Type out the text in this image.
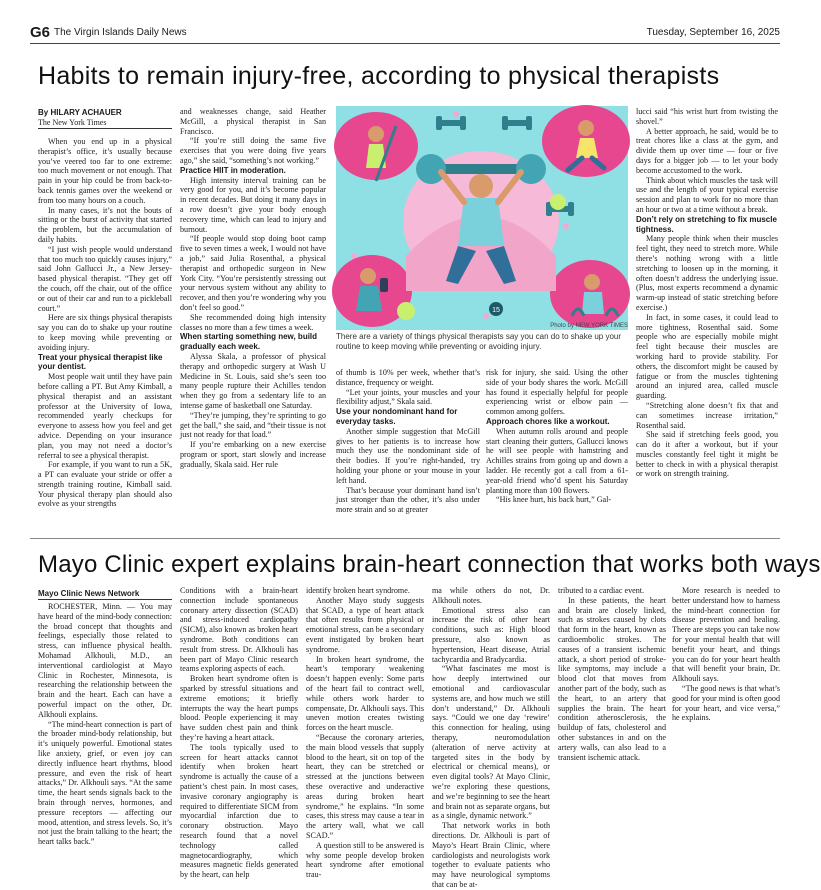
G6 The Virgin Islands Daily News	Tuesday, September 16, 2025
Habits to remain injury-free, according to physical therapists
By HILARY ACHAUER
The New York Times

When you end up in a physical therapist’s office, it’s usually because you’ve veered too far to one extreme: too much movement or not enough. That pain in your hip could be from back-to-back tennis games over the weekend or from too many hours on a couch.

In many cases, it’s not the bouts of sitting or the burst of activity that started the problem, but the accumulation of daily habits.

“I just wish people would understand that too much too quickly causes injury,” said John Gallucci Jr., a New Jersey-based physical therapist. “They get off the couch, off the chair, out of the office or out of their car and run to a pickleball court.”

Here are six things physical therapists say you can do to shake up your routine to keep moving while preventing or avoiding injury.

Treat your physical therapist like your dentist.

Most people wait until they have pain before calling a PT. But Amy Kimball, a physical therapist and an assistant professor at the University of Iowa, recommended yearly checkups for everyone to assess how you feel and get advice. Depending on your insurance plan, you may not need a doctor’s referral to see a physical therapist.

For example, if you want to run a 5K, a PT can evaluate your stride or offer a strength training routine, Kimball said. Your physical therapy plan should also evolve as your strengths

and weaknesses change, said Heather McGill, a physical therapist in San Francisco.

“If you’re still doing the same five exercises that you were doing five years ago,” she said, “something’s not working.”

Practice HIIT in moderation.

High intensity interval training can be very good for you, and it’s become popular in recent decades. But doing it many days in a row doesn’t give your body enough recovery time, which can lead to injury and burnout.

“If people would stop doing boot camp five to seven times a week, I would not have a job,” said Julia Rosenthal, a physical therapist and orthopedic surgeon in New York City. “You’re persistently stressing out your nervous system without any ability to recover, and then you’re wondering why you don’t feel so good.”

She recommended doing high intensity classes no more than a few times a week.

When starting something new, build gradually each week.

Alyssa Skala, a professor of physical therapy and orthopedic surgery at Wash U Medicine in St. Louis, said she’s seen too many people rupture their Achilles tendon when they go from a sedentary life to an intense game of basketball one Saturday.

“They’re jumping, they’re sprinting to go get the ball,” she said, and “their tissue is not just not ready for that load.”

If you’re embarking on a new exercise program or sport, start slowly and increase gradually, Skala said. Her rule

15
Photo by NEW YORK TIMES
There are a variety of things physical therapists say you can do to shake up your routine to keep moving while preventing or avoiding injury.

of thumb is 10% per week, whether that’s distance, frequency or weight.

“Let your joints, your muscles and your flexibility adjust,” Skala said.

Use your nondominant hand for everyday tasks.

Another simple suggestion that McGill gives to her patients is to increase how much they use the nondominant side of their bodies. If you’re right-handed, try holding your phone or your mouse in your left hand.

That’s because your dominant hand isn’t just stronger than the other, it’s also under more strain and so at greater

risk for injury, she said. Using the other side of your body shares the work. McGill has found it especially helpful for people experiencing wrist or elbow pain — common among golfers.

Approach chores like a workout.

When autumn rolls around and people start cleaning their gutters, Gallucci knows he will see people with hamstring and Achilles strains from going up and down a ladder. He recently got a call from a 61-year-old friend who’d spent his Saturday planting more than 100 flowers.

“His knee hurt, his back hurt,” Gal-

lucci said “his wrist hurt from twisting the shovel.”

A better approach, he said, would be to treat chores like a class at the gym, and divide them up over time — four or five days for a bigger job — to let your body become accustomed to the work.

Think about which muscles the task will use and the length of your typical exercise session and plan to work for no more than an hour or two at a time without a break.

Don’t rely on stretching to fix muscle tightness.

Many people think when their muscles feel tight, they need to stretch more. While there’s nothing wrong with a little stretching to loosen up in the morning, it often doesn’t address the underlying issue. (Plus, most experts recommend a dynamic warm-up instead of static stretching before exercise.)

In fact, in some cases, it could lead to more tightness, Rosenthal said. Some people who are especially mobile might feel tight because their muscles are working hard to provide stability. For others, the discomfort might be caused by fatigue or from the muscles tightening around an injured area, called muscle guarding.

“Stretching alone doesn’t fix that and can sometimes increase irritation,” Rosenthal said.

She said if stretching feels good, you can do it after a workout, but if your muscles constantly feel tight it might be better to check in with a physical therapist or work on strength training.

Mayo Clinic expert explains brain-heart connection that works both ways
Mayo Clinic News Network

ROCHESTER, Minn. — You may have heard of the mind-body connection: the broad concept that thoughts and feelings, especially those related to stress, can influence physical health. Mohamad Alkhouli, M.D., an interventional cardiologist at Mayo Clinic in Rochester, Minnesota, is researching the relationship between the brain and the heart. Each can have a powerful impact on the other, Dr. Alkhouli explains.

“The mind-heart connection is part of the broader mind-body relationship, but it’s uniquely powerful. Emotional states like anxiety, grief, or even joy can directly influence heart rhythms, blood pressure, and even the risk of heart attacks,” Dr. Alkhouli says. “At the same time, the heart sends signals back to the brain through nerves, hormones, and pressure receptors — affecting our mood, attention, and stress levels. So, it’s not just the brain talking to the heart; the heart talks back.”

Conditions with a brain-heart connection include spontaneous coronary artery dissection (SCAD) and stress-induced cardiopathy (SICM), also known as broken heart syndrome. Both conditions can result from stress. Dr. Alkhouli has been part of Mayo Clinic research teams exploring aspects of each.

Broken heart syndrome often is sparked by stressful situations and extreme emotions; it briefly interrupts the way the heart pumps blood. People experiencing it may have sudden chest pain and think they’re having a heart attack.

The tools typically used to screen for heart attacks cannot identify when broken heart syndrome is actually the cause of a patient’s chest pain. In most cases, invasive coronary angiography is required to differentiate SICM from myocardial infarction due to coronary obstruction. Mayo research found that a novel technology called magnetocardiography, which measures magnetic fields generated by the heart, can help

identify broken heart syndrome.

Another Mayo study suggests that SCAD, a type of heart attack that often results from physical or emotional stress, can be a secondary event instigated by broken heart syndrome.

In broken heart syndrome, the heart’s temporary weakening doesn’t happen evenly: Some parts of the heart fail to contract well, while others work harder to compensate, Dr. Alkhouli says. This uneven motion creates twisting forces on the heart muscle.

“Because the coronary arteries, the main blood vessels that supply blood to the heart, sit on top of the heart, they can be stretched or stressed at the junctions between these overactive and underactive areas during broken heart syndrome,” he explains. “In some cases, this stress may cause a tear in the artery wall, what we call SCAD.”

A question still to be answered is why some people develop broken heart syndrome after emotional trau-

ma while others do not, Dr. Alkhouli notes.

Emotional stress also can increase the risk of other heart conditions, such as: High blood pressure, also known as hypertension, Heart disease, Atrial tachycardia and Bradycardia.

“What fascinates me most is how deeply intertwined our emotional and cardiovascular systems are, and how much we still don’t understand,” Dr. Alkhouli says. “Could we one day ‘rewire’ this connection for healing, using therapy, neuromodulation (alteration of nerve activity at targeted sites in the body by electrical or chemical means), or even digital tools? At Mayo Clinic, we’re exploring these questions, and we’re beginning to see the heart and brain not as separate organs, but as a single, dynamic network.”

That network works in both directions. Dr. Alkhouli is part of Mayo’s Heart Brain Clinic, where cardiologists and neurologists work together to evaluate patients who may have neurological symptoms that can be at-

tributed to a cardiac event.

In these patients, the heart and brain are closely linked, such as strokes caused by clots that form in the heart, known as cardioembolic strokes. The causes of a transient ischemic attack, a short period of stroke-like symptoms, may include a blood clot that moves from another part of the body, such as the heart, to an artery that supplies the brain. The heart condition atherosclerosis, the buildup of fats, cholesterol and other substances in and on the artery walls, can also lead to a transient ischemic attack.

More research is needed to better understand how to harness the mind-heart connection for disease prevention and healing. There are steps you can take now for your mental health that will benefit your heart, and things you can do for your heart health that will benefit your brain, Dr. Alkhouli says.

“The good news is that what’s good for your mind is often good for your heart, and vice versa,” he explains.
